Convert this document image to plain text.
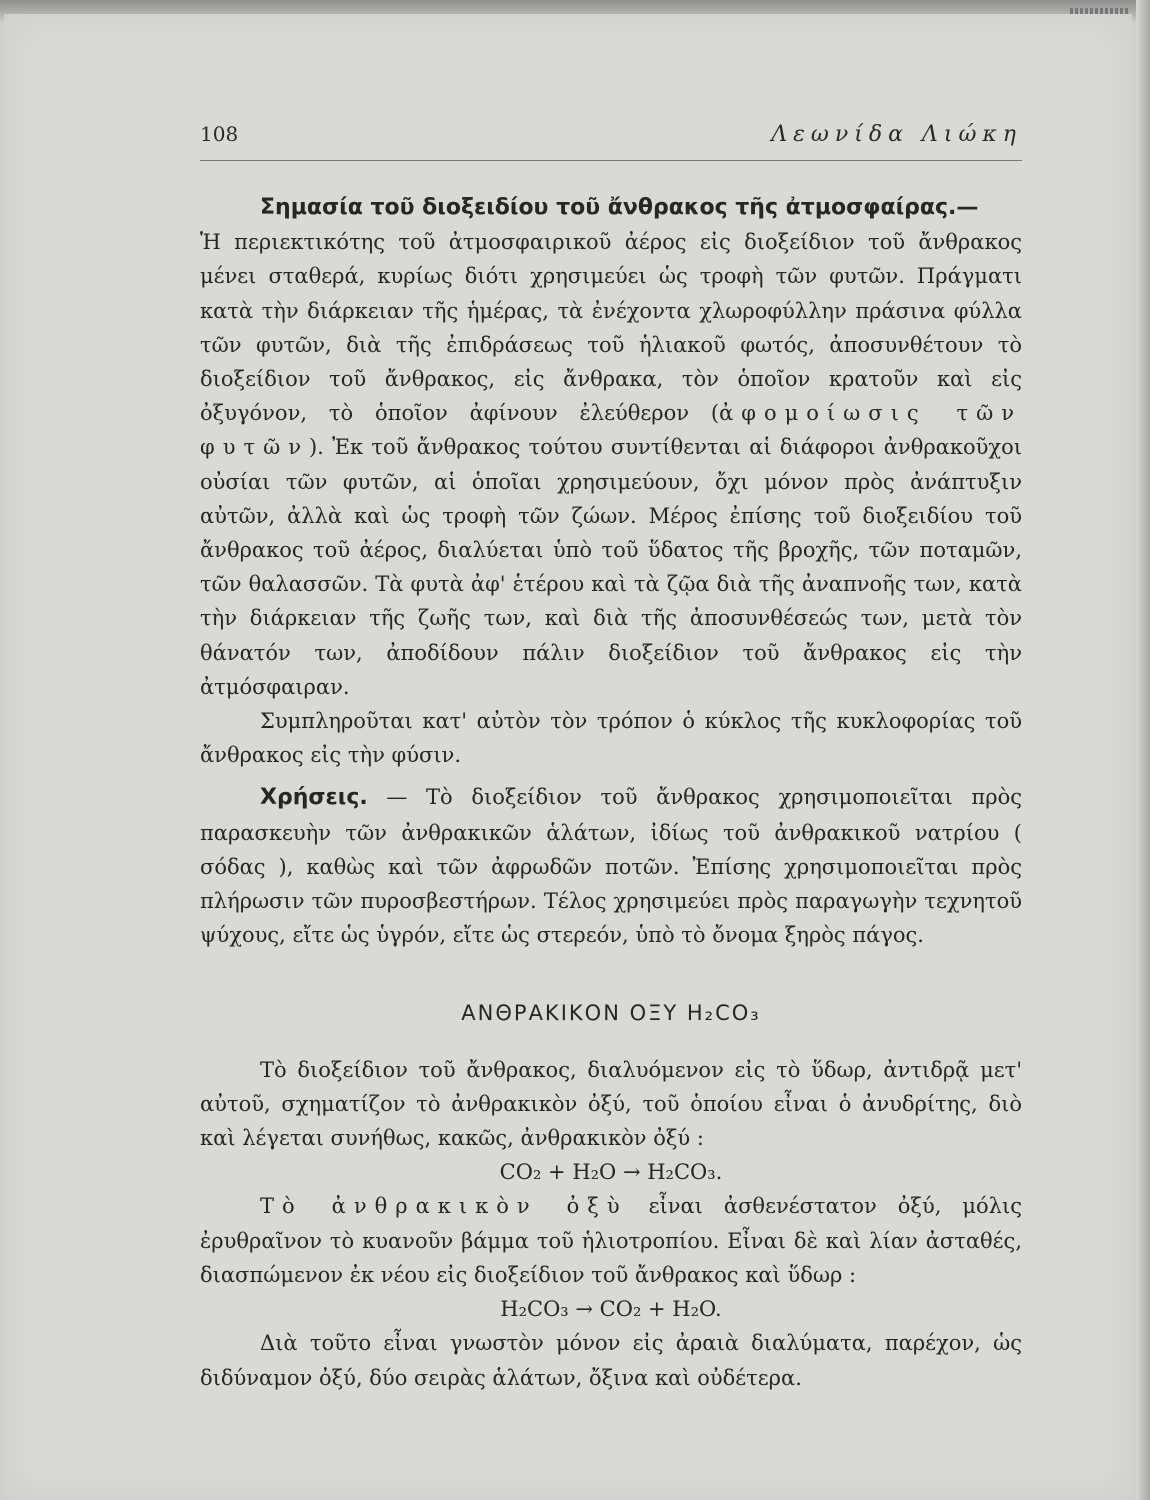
108	Λεωνίδα Λιώκη

Σημασία τοῦ διοξειδίου τοῦ ἄνθρακος τῆς ἀτμοσφαίρας.—

Ἡ περιεκτικότης τοῦ ἀτμοσφαιρικοῦ ἀέρος εἰς διοξείδιον τοῦ ἄνθρακος μένει σταθερά, κυρίως διότι χρησιμεύει ὡς τροφὴ τῶν φυτῶν. Πράγματι κατὰ τὴν διάρκειαν τῆς ἡμέρας, τὰ ἐνέχοντα χλωροφύλλην πράσινα φύλλα τῶν φυτῶν, διὰ τῆς ἐπιδράσεως τοῦ ἡλιακοῦ φωτός, ἀποσυνθέτουν τὸ διοξείδιον τοῦ ἄνθρακος, εἰς ἄνθρακα, τὸν ὁποῖον κρατοῦν καὶ εἰς ὀξυγόνον, τὸ ὁποῖον ἀφίνουν ἐλεύθερον (ἀφομοίωσις τῶν φυτῶν). Ἐκ τοῦ ἄνθρακος τούτου συντίθενται αἱ διάφοροι ἀνθρακοῦχοι οὐσίαι τῶν φυτῶν, αἱ ὁποῖαι χρησιμεύουν, ὄχι μόνον πρὸς ἀνάπτυξιν αὐτῶν, ἀλλὰ καὶ ὡς τροφὴ τῶν ζώων. Μέρος ἐπίσης τοῦ διοξειδίου τοῦ ἄνθρακος τοῦ ἀέρος, διαλύεται ὑπὸ τοῦ ὕδατος τῆς βροχῆς, τῶν ποταμῶν, τῶν θαλασσῶν. Τὰ φυτὰ ἀφ' ἑτέρου καὶ τὰ ζῷα διὰ τῆς ἀναπνοῆς των, κατὰ τὴν διάρκειαν τῆς ζωῆς των, καὶ διὰ τῆς ἀποσυνθέσεώς των, μετὰ τὸν θάνατόν των, ἀποδίδουν πάλιν διοξείδιον τοῦ ἄνθρακος εἰς τὴν ἀτμόσφαιραν.

Συμπληροῦται κατ' αὐτὸν τὸν τρόπον ὁ κύκλος τῆς κυκλοφορίας τοῦ ἄνθρακος εἰς τὴν φύσιν.

Χρήσεις. — Τὸ διοξείδιον τοῦ ἄνθρακος χρησιμοποιεῖται πρὸς παρασκευὴν τῶν ἀνθρακικῶν ἁλάτων, ἰδίως τοῦ ἀνθρακικοῦ νατρίου ( σόδας ), καθὼς καὶ τῶν ἀφρωδῶν ποτῶν. Ἐπίσης χρησιμοποιεῖται πρὸς πλήρωσιν τῶν πυροσβεστήρων. Τέλος χρησιμεύει πρὸς παραγωγὴν τεχνητοῦ ψύχους, εἴτε ὡς ὑγρόν, εἴτε ὡς στερεόν, ὑπὸ τὸ ὄνομα ξηρὸς πάγος.

ΑΝΘΡΑΚΙΚΟΝ ΟΞΥ H₂CO₃

Τὸ διοξείδιον τοῦ ἄνθρακος, διαλυόμενον εἰς τὸ ὕδωρ, ἀντιδρᾷ μετ' αὐτοῦ, σχηματίζον τὸ ἀνθρακικὸν ὀξύ, τοῦ ὁποίου εἶναι ὁ ἀνυδρίτης, διὸ καὶ λέγεται συνήθως, κακῶς, ἀνθρακικὸν ὀξύ :

CO₂ + H₂O → H₂CO₃.

Τὸ ἀνθρακικὸν ὀξὺ εἶναι ἀσθενέστατον ὀξύ, μόλις ἐρυθραῖνον τὸ κυανοῦν βάμμα τοῦ ἡλιοτροπίου. Εἶναι δὲ καὶ λίαν ἀσταθές, διασπώμενον ἐκ νέου εἰς διοξείδιον τοῦ ἄνθρακος καὶ ὕδωρ :

H₂CO₃ → CO₂ + H₂O.

Διὰ τοῦτο εἶναι γνωστὸν μόνον εἰς ἀραιὰ διαλύματα, παρέχον, ὡς διδύναμον ὀξύ, δύο σειρὰς ἁλάτων, ὄξινα καὶ οὐδέτερα.
